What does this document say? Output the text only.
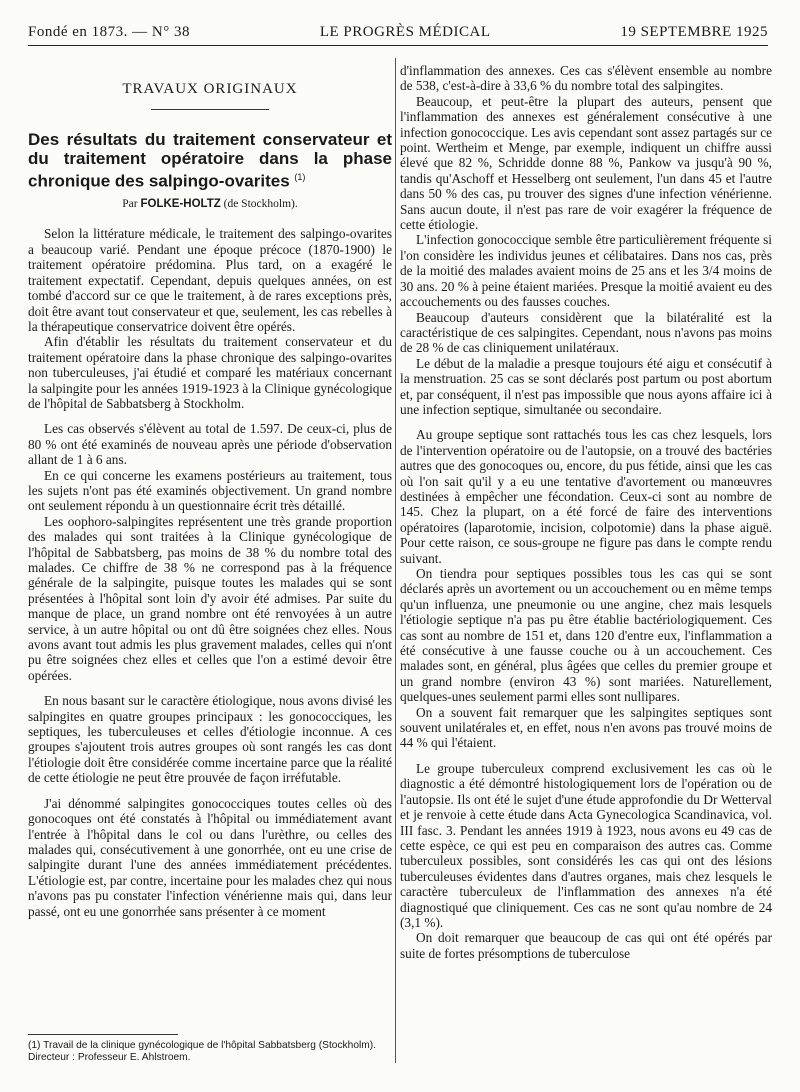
Fondé en 1873. — N° 38	LE PROGRÈS MÉDICAL	19 SEPTEMBRE 1925
TRAVAUX ORIGINAUX
Des résultats du traitement conservateur et du traitement opératoire dans la phase chronique des salpingo-ovarites $^{(1)}$
Par FOLKE-HOLTZ (de Stockholm).

Selon la littérature médicale, le traitement des salpingo-ovarites a beaucoup varié. Pendant une époque précoce (1870-1900) le traitement opératoire prédomina. Plus tard, on a exagéré le traitement expectatif. Cependant, depuis quelques années, on est tombé d'accord sur ce que le traitement, à de rares exceptions près, doit être avant tout conservateur et que, seulement, les cas rebelles à la thérapeutique conservatrice doivent être opérés.

Afin d'établir les résultats du traitement conservateur et du traitement opératoire dans la phase chronique des salpingo-ovarites non tuberculeuses, j'ai étudié et comparé les matériaux concernant la salpingite pour les années 1919-1923 à la Clinique gynécologique de l'hôpital de Sabbatsberg à Stockholm.

Les cas observés s'élèvent au total de 1.597. De ceux-ci, plus de 80 % ont été examinés de nouveau après une période d'observation allant de 1 à 6 ans.

En ce qui concerne les examens postérieurs au traitement, tous les sujets n'ont pas été examinés objectivement. Un grand nombre ont seulement répondu à un questionnaire écrit très détaillé.

Les oophoro-salpingites représentent une très grande proportion des malades qui sont traitées à la Clinique gynécologique de l'hôpital de Sabbatsberg, pas moins de 38 % du nombre total des malades. Ce chiffre de 38 % ne correspond pas à la fréquence générale de la salpingite, puisque toutes les malades qui se sont présentées à l'hôpital sont loin d'y avoir été admises. Par suite du manque de place, un grand nombre ont été renvoyées à un autre service, à un autre hôpital ou ont dû être soignées chez elles. Nous avons avant tout admis les plus gravement malades, celles qui n'ont pu être soignées chez elles et celles que l'on a estimé devoir être opérées.

En nous basant sur le caractère étiologique, nous avons divisé les salpingites en quatre groupes principaux : les gonococciques, les septiques, les tuberculeuses et celles d'étiologie inconnue. A ces groupes s'ajoutent trois autres groupes où sont rangés les cas dont l'étiologie doit être considérée comme incertaine parce que la réalité de cette étiologie ne peut être prouvée de façon irréfutable.

J'ai dénommé salpingites gonococciques toutes celles où des gonocoques ont été constatés à l'hôpital ou immédiatement avant l'entrée à l'hôpital dans le col ou dans l'urèthre, ou celles des malades qui, consécutivement à une gonorrhée, ont eu une crise de salpingite durant l'une des années immédiatement précédentes. L'étiologie est, par contre, incertaine pour les malades chez qui nous n'avons pas pu constater l'infection vénérienne mais qui, dans leur passé, ont eu une gonorrhée sans présenter à ce moment

d'inflammation des annexes. Ces cas s'élèvent ensemble au nombre de 538, c'est-à-dire à 33,6 % du nombre total des salpingites.

Beaucoup, et peut-être la plupart des auteurs, pensent que l'inflammation des annexes est généralement consécutive à une infection gonococcique. Les avis cependant sont assez partagés sur ce point. Wertheim et Menge, par exemple, indiquent un chiffre aussi élevé que 82 %, Schridde donne 88 %, Pankow va jusqu'à 90 %, tandis qu'Aschoff et Hesselberg ont seulement, l'un dans 45 et l'autre dans 50 % des cas, pu trouver des signes d'une infection vénérienne. Sans aucun doute, il n'est pas rare de voir exagérer la fréquence de cette étiologie.

L'infection gonococcique semble être particulièrement fréquente si l'on considère les individus jeunes et célibataires. Dans nos cas, près de la moitié des malades avaient moins de 25 ans et les 3/4 moins de 30 ans. 20 % à peine étaient mariées. Presque la moitié avaient eu des accouchements ou des fausses couches.

Beaucoup d'auteurs considèrent que la bilatéralité est la caractéristique de ces salpingites. Cependant, nous n'avons pas moins de 28 % de cas cliniquement unilatéraux.

Le début de la maladie a presque toujours été aigu et consécutif à la menstruation. 25 cas se sont déclarés post partum ou post abortum et, par conséquent, il n'est pas impossible que nous ayons affaire ici à une infection septique, simultanée ou secondaire.

Au groupe septique sont rattachés tous les cas chez lesquels, lors de l'intervention opératoire ou de l'autopsie, on a trouvé des bactéries autres que des gonocoques ou, encore, du pus fétide, ainsi que les cas où l'on sait qu'il y a eu une tentative d'avortement ou manœuvres destinées à empêcher une fécondation. Ceux-ci sont au nombre de 145. Chez la plupart, on a été forcé de faire des interventions opératoires (laparotomie, incision, colpotomie) dans la phase aiguë. Pour cette raison, ce sous-groupe ne figure pas dans le compte rendu suivant.

On tiendra pour septiques possibles tous les cas qui se sont déclarés après un avortement ou un accouchement ou en même temps qu'un influenza, une pneumonie ou une angine, chez mais lesquels l'étiologie septique n'a pas pu être établie bactériologiquement. Ces cas sont au nombre de 151 et, dans 120 d'entre eux, l'inflammation a été consécutive à une fausse couche ou à un accouchement. Ces malades sont, en général, plus âgées que celles du premier groupe et un grand nombre (environ 43 %) sont mariées. Naturellement, quelques-unes seulement parmi elles sont nullipares.

On a souvent fait remarquer que les salpingites septiques sont souvent unilatérales et, en effet, nous n'en avons pas trouvé moins de 44 % qui l'étaient.

Le groupe tuberculeux comprend exclusivement les cas où le diagnostic a été démontré histologiquement lors de l'opération ou de l'autopsie. Ils ont été le sujet d'une étude approfondie du Dr Wetterval et je renvoie à cette étude dans Acta Gynecologica Scandinavica, vol. III fasc. 3. Pendant les années 1919 à 1923, nous avons eu 49 cas de cette espèce, ce qui est peu en comparaison des autres cas. Comme tuberculeux possibles, sont considérés les cas qui ont des lésions tuberculeuses évidentes dans d'autres organes, mais chez lesquels le caractère tuberculeux de l'inflammation des annexes n'a été diagnostiqué que cliniquement. Ces cas ne sont qu'au nombre de 24 (3,1 %).

On doit remarquer que beaucoup de cas qui ont été opérés par suite de fortes présomptions de tuberculose

(1) Travail de la clinique gynécologique de l'hôpital Sabbatsberg (Stockholm). Directeur : Professeur E. Ahlstroem.
